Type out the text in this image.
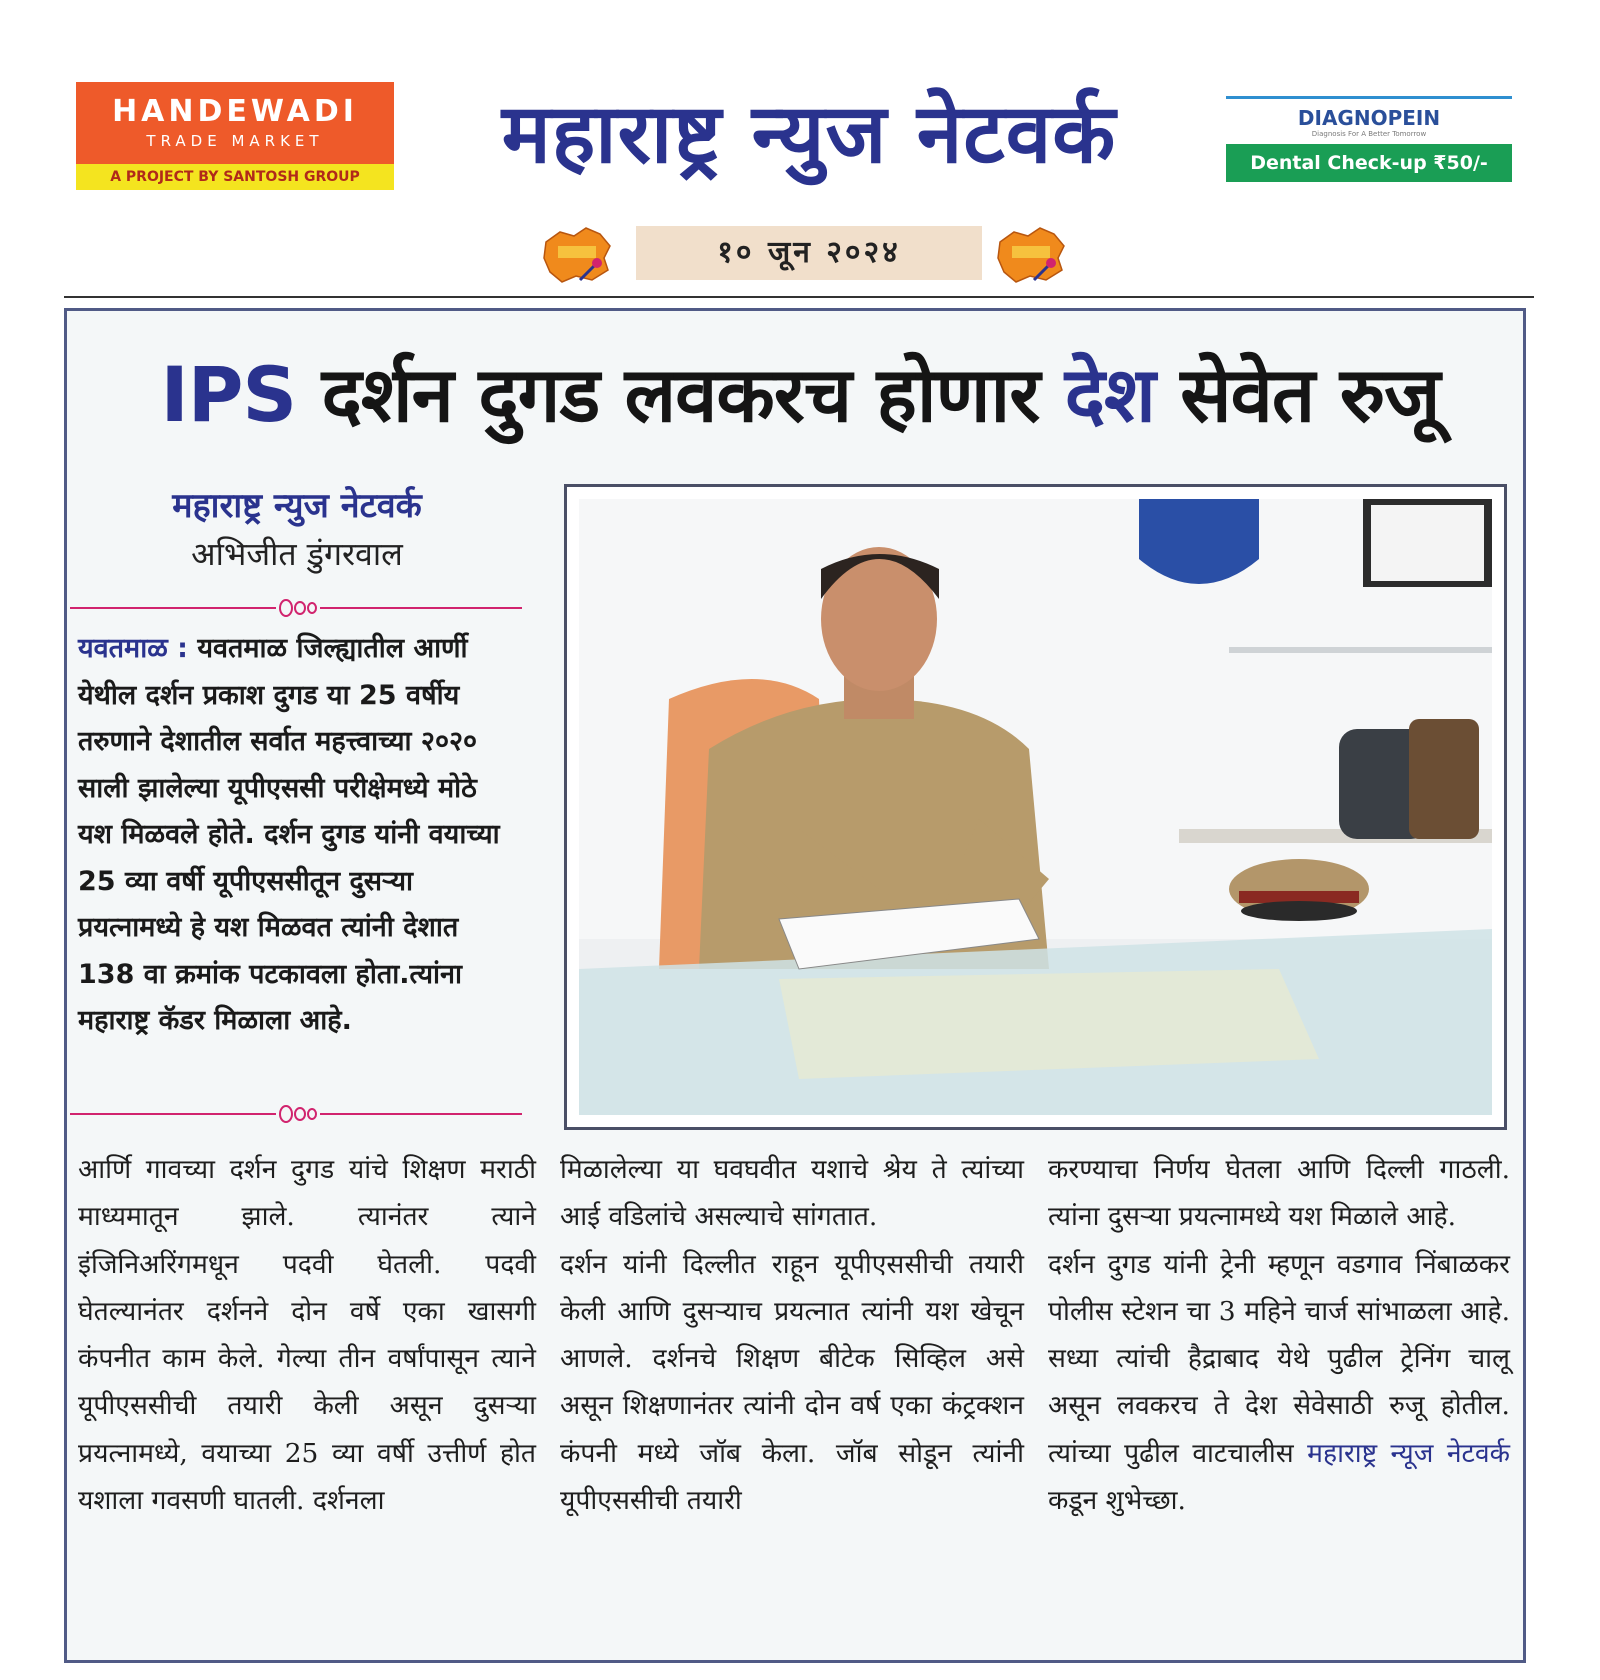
HANDEWADI
TRADE MARKET
A PROJECT BY SANTOSH GROUP	महाराष्ट्र न्युज नेटवर्क	DIAGNOPEIN
Diagnosis For A Better Tomorrow
Dental Check-up ₹50/-
१० जून २०२४
IPS दर्शन दुगड लवकरच होणार देश सेवेत रुजू
महाराष्ट्र न्युज नेटवर्क
अभिजीत डुंगरवाल
यवतमाळ : यवतमाळ जिल्ह्यातील आर्णी येथील दर्शन प्रकाश दुगड या 25 वर्षीय तरुणाने देशातील सर्वात महत्त्वाच्या २०२० साली झालेल्या यूपीएससी परीक्षेमध्ये मोठे यश मिळवले होते. दर्शन दुगड यांनी वयाच्या 25 व्या वर्षी यूपीएससीतून दुसऱ्या प्रयत्नामध्ये हे यश मिळवत त्यांनी देशात 138 वा क्रमांक पटकावला होता.त्यांना महाराष्ट्र कॅडर मिळाला आहे.

आर्णि गावच्या दर्शन दुगड यांचे शिक्षण मराठी माध्यमातून झाले. त्यानंतर त्याने इंजिनिअरिंगमधून पदवी घेतली. पदवी घेतल्यानंतर दर्शनने दोन वर्षे एका खासगी कंपनीत काम केले. गेल्या तीन वर्षांपासून त्याने यूपीएससीची तयारी केली असून दुसऱ्या प्रयत्नामध्ये, वयाच्या 25 व्या वर्षी उत्तीर्ण होत यशाला गवसणी घातली. दर्शनला

मिळालेल्या या घवघवीत यशाचे श्रेय ते त्यांच्या आई वडिलांचे असल्याचे सांगतात.

दर्शन यांनी दिल्लीत राहून यूपीएससीची तयारी केली आणि दुसऱ्याच प्रयत्नात त्यांनी यश खेचून आणले. दर्शनचे शिक्षण बीटेक सिव्हिल असे असून शिक्षणानंतर त्यांनी दोन वर्ष एका कंट्रक्शन कंपनी मध्ये जॉब केला. जॉब सोडून त्यांनी यूपीएससीची तयारी

करण्याचा निर्णय घेतला आणि दिल्ली गाठली. त्यांना दुसऱ्या प्रयत्नामध्ये यश मिळाले आहे.

दर्शन दुगड यांनी ट्रेनी म्हणून वडगाव निंबाळकर पोलीस स्टेशन चा 3 महिने चार्ज सांभाळला आहे. सध्या त्यांची हैद्राबाद येथे पुढील ट्रेनिंग चालू असून लवकरच ते देश सेवेसाठी रुजू होतील. त्यांच्या पुढील वाटचालीस महाराष्ट्र न्यूज नेटवर्क कडून शुभेच्छा.
